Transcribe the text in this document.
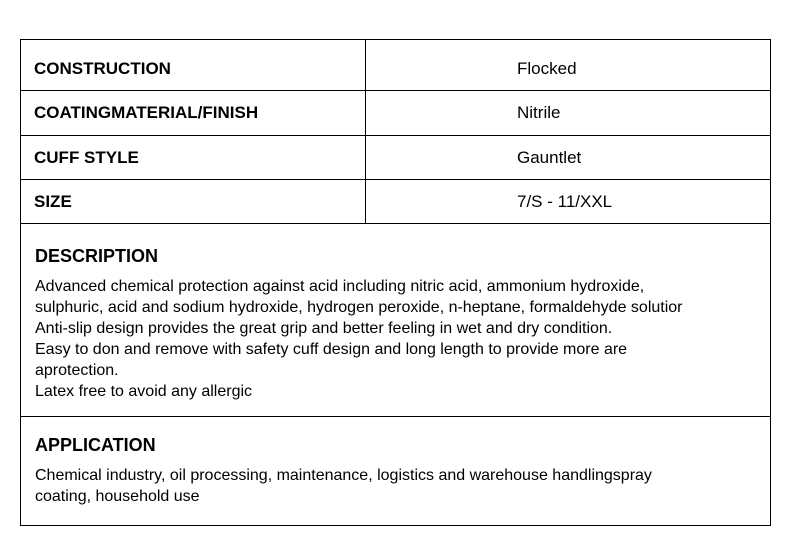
CONSTRUCTION	Flocked
COATINGMATERIAL/FINISH	Nitrile
CUFF STYLE	Gauntlet
SIZE	7/S - 11/XXL
DESCRIPTION
Advanced chemical protection against acid including nitric acid, ammonium hydroxide,
sulphuric, acid and sodium hydroxide, hydrogen peroxide, n-heptane, formaldehyde solutior
Anti-slip design provides the great grip and better feeling in wet and dry condition.
Easy to don and remove with safety cuff design and long length to provide more are
aprotection.
Latex free to avoid any allergic
APPLICATION
Chemical industry, oil processing, maintenance, logistics and warehouse handlingspray
coating, household use
